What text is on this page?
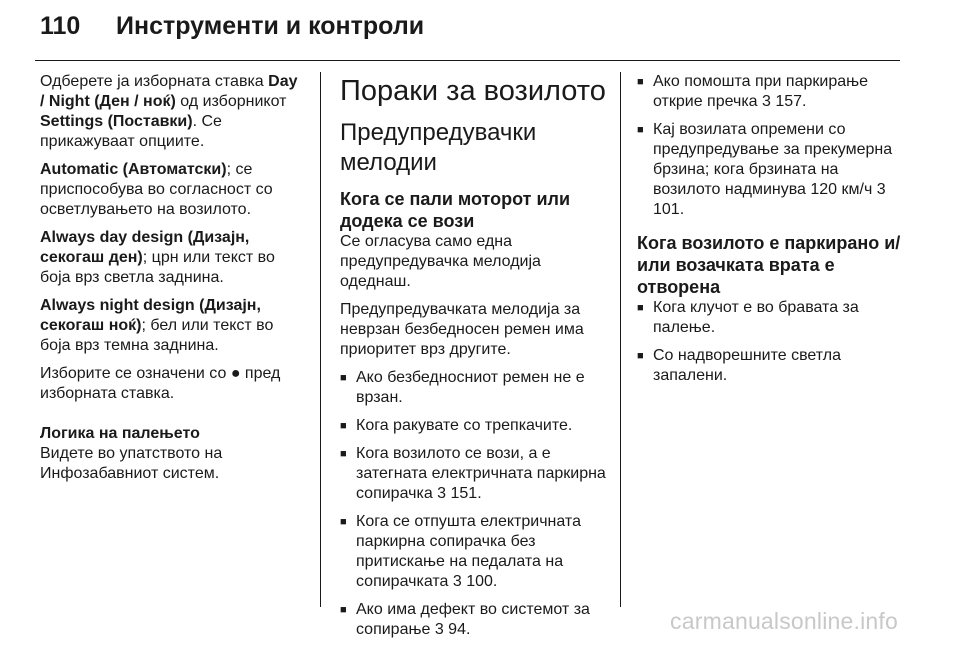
110 Инструменти и контроли

Одберете ја изборната ставка Day / Night (Ден / ноќ) од изборникот Settings (Поставки). Се прикажуваат опциите.

Automatic (Автоматски); се приспособува во согласност со осветлувањето на возилото.

Always day design (Дизајн, секогаш ден); црн или текст во боја врз светла заднина.

Always night design (Дизајн, секогаш ноќ); бел или текст во боја врз темна заднина.

Изборите се означени со ● пред изборната ставка.

Логика на палењето

Видете во упатството на Инфозабавниот систем.

Пораки за возилото
Предупредувачки мелодии
Кога се пали моторот или додека се вози

Се огласува само една предупредувачка мелодија одеднаш.

Предупредувачката мелодија за неврзан безбедносен ремен има приоритет врз другите.

■ Ако безбедносниот ремен не е врзан.
■ Кога ракувате со трепкачите.
■ Кога возилото се вози, а е затегната електричната паркирна сопирачка 3 151.
■ Кога се отпушта електричната паркирна сопирачка без притискање на педалата на сопирачката 3 100.
■ Ако има дефект во системот за сопирање 3 94.
■ Ако помошта при паркирање открие пречка 3 157.
■ Кај возилата опремени со предупредување за прекумерна брзина; кога брзината на возилото надминува 120 км/ч 3 101.
Кога возилото е паркирано и/или возачката врата е отворена
■ Кога клучот е во бравата за палење.
■ Со надворешните светла запалени.
carmanualsonline.info
